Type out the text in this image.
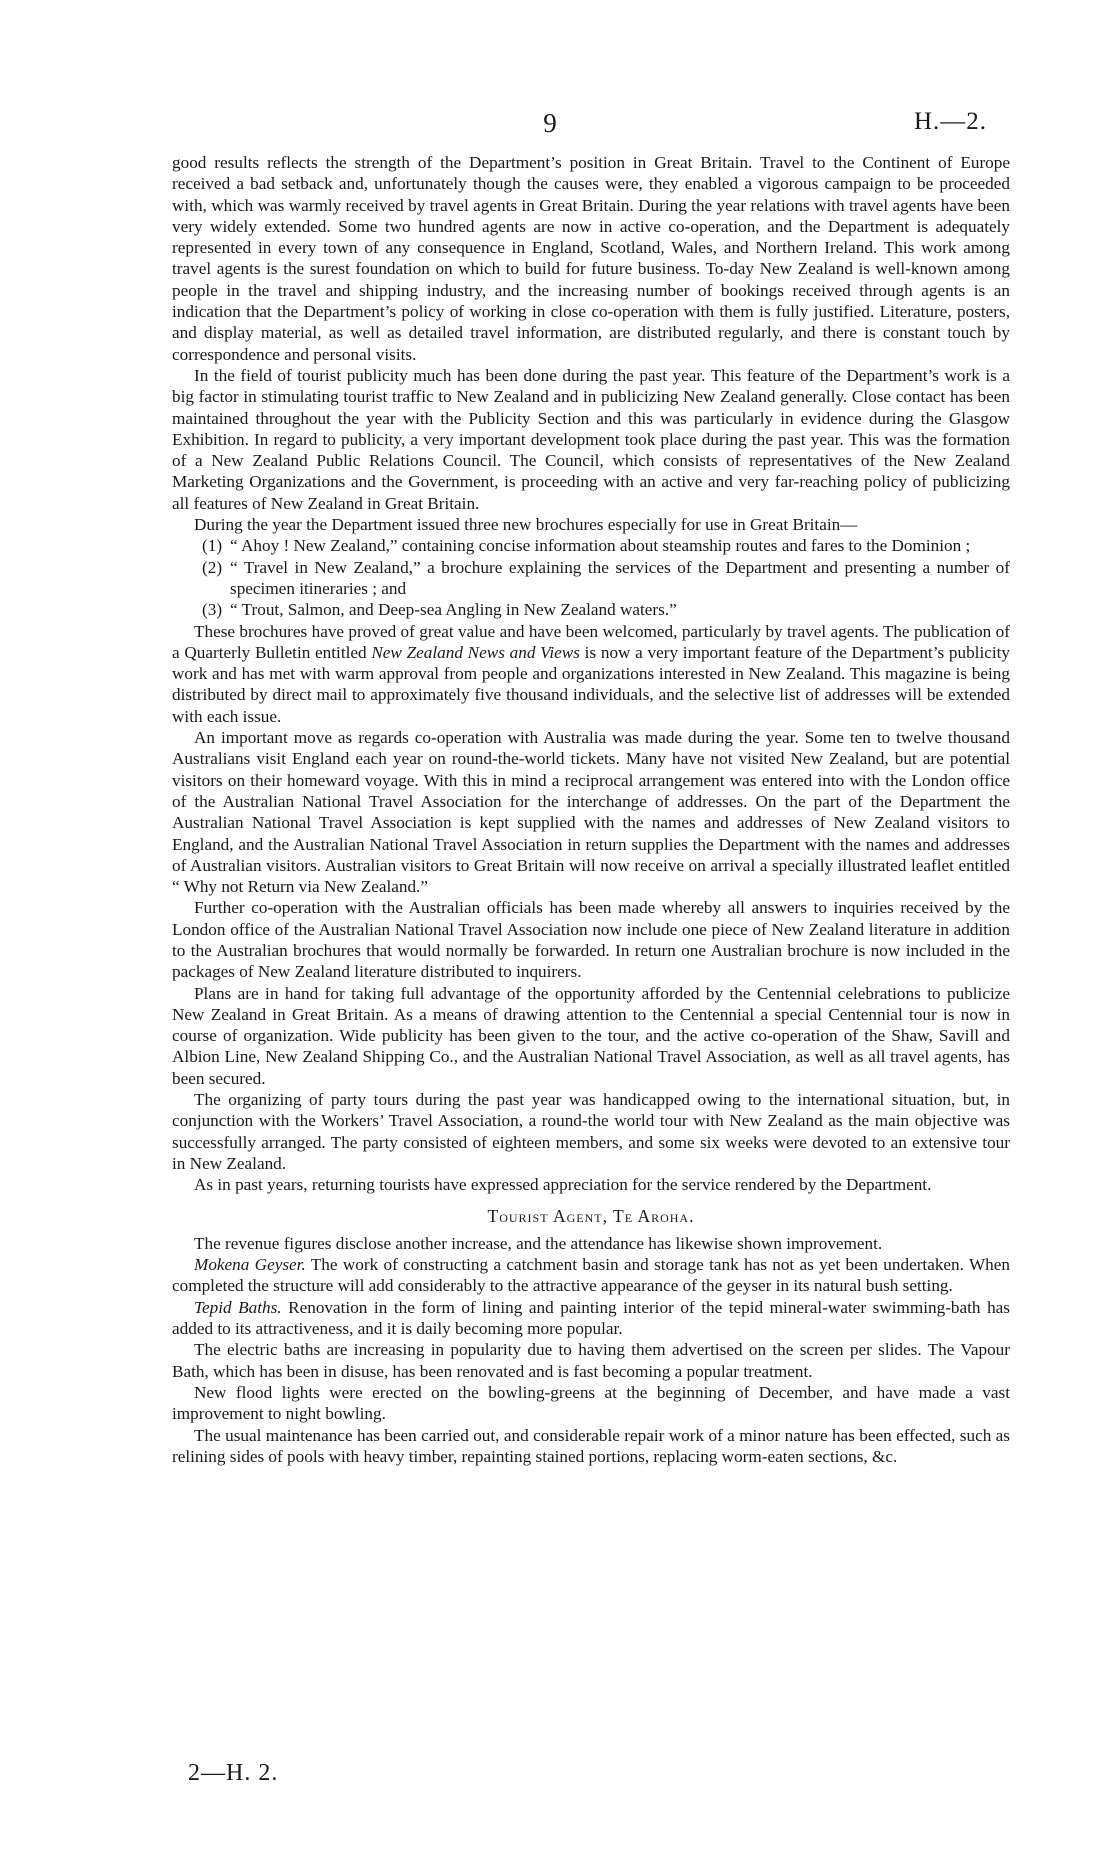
9	H.—2.

good results reflects the strength of the Department’s position in Great Britain. Travel to the Continent of Europe received a bad setback and, unfortunately though the causes were, they enabled a vigorous campaign to be proceeded with, which was warmly received by travel agents in Great Britain. During the year relations with travel agents have been very widely extended. Some two hundred agents are now in active co-operation, and the Department is adequately represented in every town of any consequence in England, Scotland, Wales, and Northern Ireland. This work among travel agents is the surest foundation on which to build for future business. To-day New Zealand is well-known among people in the travel and shipping industry, and the increasing number of bookings received through agents is an indication that the Department’s policy of working in close co-operation with them is fully justified. Literature, posters, and display material, as well as detailed travel information, are distributed regularly, and there is constant touch by correspondence and personal visits.

In the field of tourist publicity much has been done during the past year. This feature of the Department’s work is a big factor in stimulating tourist traffic to New Zealand and in publicizing New Zealand generally. Close contact has been maintained throughout the year with the Publicity Section and this was particularly in evidence during the Glasgow Exhibition. In regard to publicity, a very important development took place during the past year. This was the formation of a New Zealand Public Relations Council. The Council, which consists of representatives of the New Zealand Marketing Organizations and the Government, is proceeding with an active and very far-reaching policy of publicizing all features of New Zealand in Great Britain.

During the year the Department issued three new brochures especially for use in Great Britain—

(1) “ Ahoy ! New Zealand,” containing concise information about steamship routes and fares to the Dominion ;
(2) “ Travel in New Zealand,” a brochure explaining the services of the Department and presenting a number of specimen itineraries ; and
(3) “ Trout, Salmon, and Deep-sea Angling in New Zealand waters.”

These brochures have proved of great value and have been welcomed, particularly by travel agents. The publication of a Quarterly Bulletin entitled New Zealand News and Views is now a very important feature of the Department’s publicity work and has met with warm approval from people and organizations interested in New Zealand. This magazine is being distributed by direct mail to approximately five thousand individuals, and the selective list of addresses will be extended with each issue.

An important move as regards co-operation with Australia was made during the year. Some ten to twelve thousand Australians visit England each year on round-the-world tickets. Many have not visited New Zealand, but are potential visitors on their homeward voyage. With this in mind a reciprocal arrangement was entered into with the London office of the Australian National Travel Association for the interchange of addresses. On the part of the Department the Australian National Travel Association is kept supplied with the names and addresses of New Zealand visitors to England, and the Australian National Travel Association in return supplies the Department with the names and addresses of Australian visitors. Australian visitors to Great Britain will now receive on arrival a specially illustrated leaflet entitled “ Why not Return via New Zealand.”

Further co-operation with the Australian officials has been made whereby all answers to inquiries received by the London office of the Australian National Travel Association now include one piece of New Zealand literature in addition to the Australian brochures that would normally be forwarded. In return one Australian brochure is now included in the packages of New Zealand literature distributed to inquirers.

Plans are in hand for taking full advantage of the opportunity afforded by the Centennial celebrations to publicize New Zealand in Great Britain. As a means of drawing attention to the Centennial a special Centennial tour is now in course of organization. Wide publicity has been given to the tour, and the active co-operation of the Shaw, Savill and Albion Line, New Zealand Shipping Co., and the Australian National Travel Association, as well as all travel agents, has been secured.

The organizing of party tours during the past year was handicapped owing to the international situation, but, in conjunction with the Workers’ Travel Association, a round-the world tour with New Zealand as the main objective was successfully arranged. The party consisted of eighteen members, and some six weeks were devoted to an extensive tour in New Zealand.

As in past years, returning tourists have expressed appreciation for the service rendered by the Department.

Tourist Agent, Te Aroha.

The revenue figures disclose another increase, and the attendance has likewise shown improvement.

Mokena Geyser. The work of constructing a catchment basin and storage tank has not as yet been undertaken. When completed the structure will add considerably to the attractive appearance of the geyser in its natural bush setting.

Tepid Baths. Renovation in the form of lining and painting interior of the tepid mineral-water swimming-bath has added to its attractiveness, and it is daily becoming more popular.

The electric baths are increasing in popularity due to having them advertised on the screen per slides. The Vapour Bath, which has been in disuse, has been renovated and is fast becoming a popular treatment.

New flood lights were erected on the bowling-greens at the beginning of December, and have made a vast improvement to night bowling.

The usual maintenance has been carried out, and considerable repair work of a minor nature has been effected, such as relining sides of pools with heavy timber, repainting stained portions, replacing worm-eaten sections, &c.

2—H. 2.
